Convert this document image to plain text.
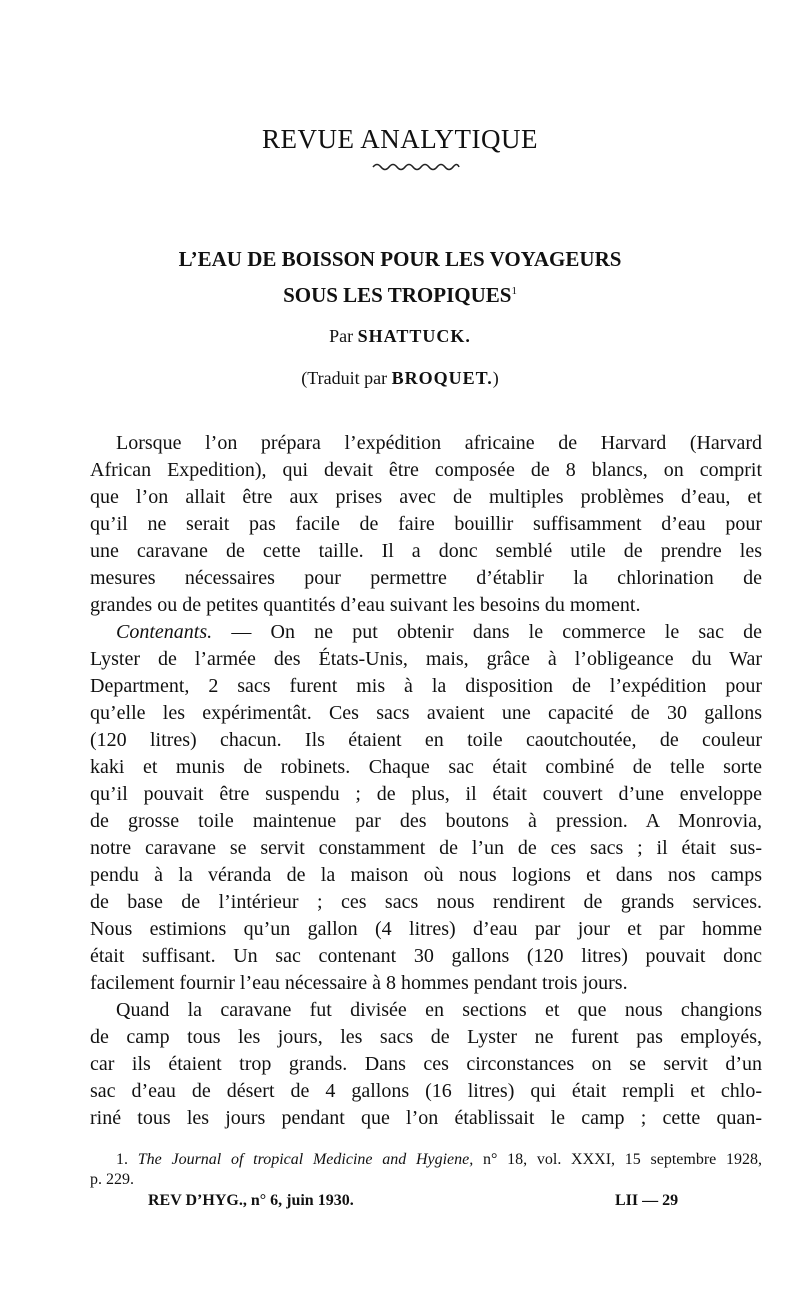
REVUE ANALYTIQUE
L’EAU DE BOISSON POUR LES VOYAGEURS
SOUS LES TROPIQUES$^1$
Par SHATTUCK.
(Traduit par BROQUET.)
Lorsque l’on prépara l’expédition africaine de Harvard (Harvard
African Expedition), qui devait être composée de 8 blancs, on comprit
que l’on allait être aux prises avec de multiples problèmes d’eau, et
qu’il ne serait pas facile de faire bouillir suffisamment d’eau pour
une caravane de cette taille. Il a donc semblé utile de prendre les
mesures nécessaires pour permettre d’établir la chlorination de
grandes ou de petites quantités d’eau suivant les besoins du moment.
Contenants. — On ne put obtenir dans le commerce le sac de
Lyster de l’armée des États-Unis, mais, grâce à l’obligeance du War
Department, 2 sacs furent mis à la disposition de l’expédition pour
qu’elle les expérimentât. Ces sacs avaient une capacité de 30 gallons
(120 litres) chacun. Ils étaient en toile caoutchoutée, de couleur
kaki et munis de robinets. Chaque sac était combiné de telle sorte
qu’il pouvait être suspendu ; de plus, il était couvert d’une enveloppe
de grosse toile maintenue par des boutons à pression. A Monrovia,
notre caravane se servit constamment de l’un de ces sacs ; il était sus-
pendu à la véranda de la maison où nous logions et dans nos camps
de base de l’intérieur ; ces sacs nous rendirent de grands services.
Nous estimions qu’un gallon (4 litres) d’eau par jour et par homme
était suffisant. Un sac contenant 30 gallons (120 litres) pouvait donc
facilement fournir l’eau nécessaire à 8 hommes pendant trois jours.
Quand la caravane fut divisée en sections et que nous changions
de camp tous les jours, les sacs de Lyster ne furent pas employés,
car ils étaient trop grands. Dans ces circonstances on se servit d’un
sac d’eau de désert de 4 gallons (16 litres) qui était rempli et chlo-
riné tous les jours pendant que l’on établissait le camp ; cette quan-
1. The Journal of tropical Medicine and Hygiene, n° 18, vol. XXXI, 15 septembre 1928,
p. 229.
REV D’HYG., n° 6, juin 1930.	LII — 29
